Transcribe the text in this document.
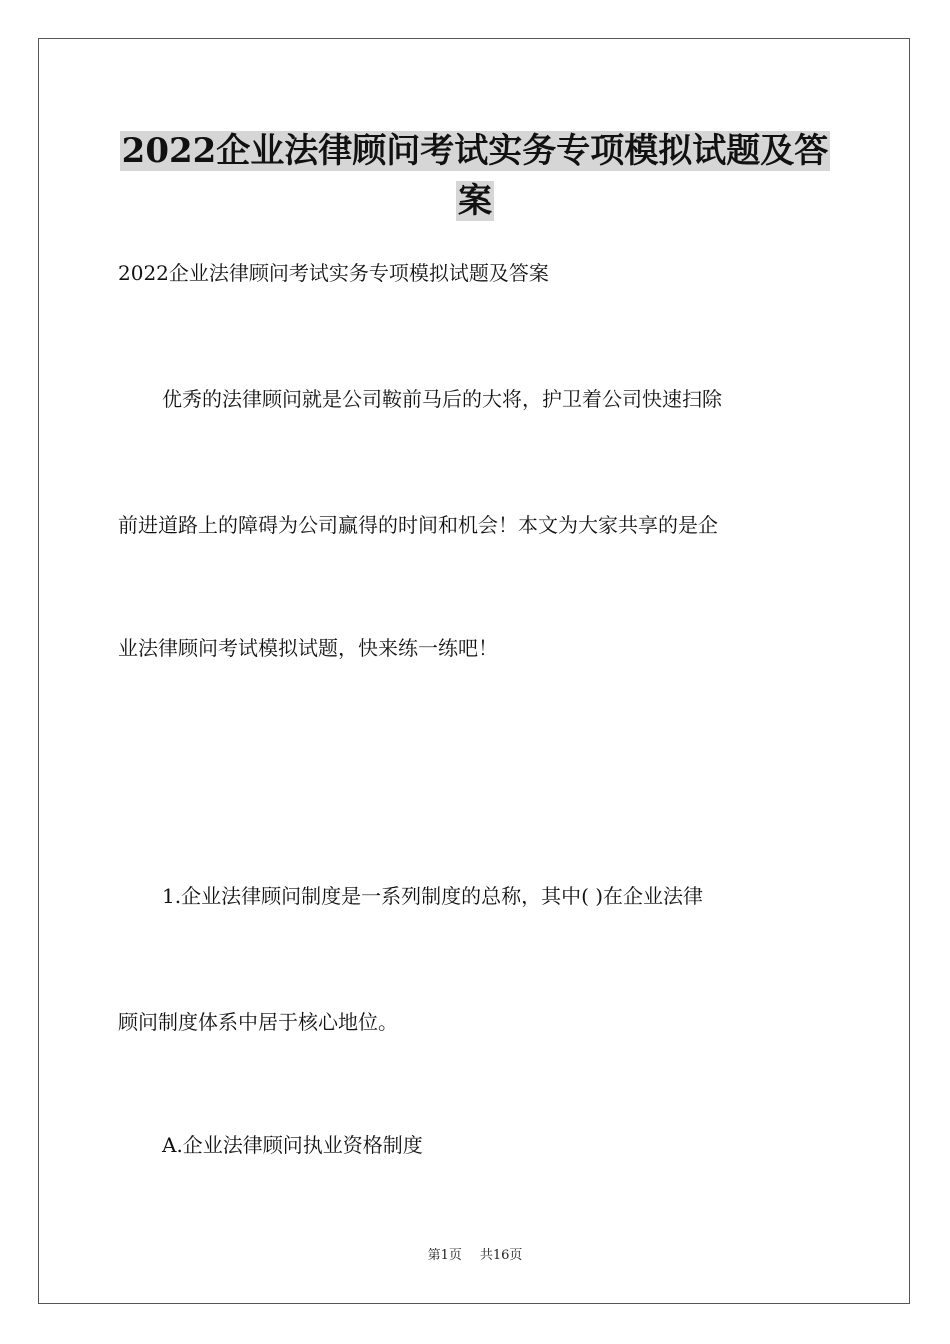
2022企业法律顾问考试实务专项模拟试题及答
案
2022企业法律顾问考试实务专项模拟试题及答案
优秀的法律顾问就是公司鞍前马后的大将，护卫着公司快速扫除
前进道路上的障碍为公司赢得的时间和机会！本文为大家共享的是企
业法律顾问考试模拟试题，快来练一练吧！
1.企业法律顾问制度是一系列制度的总称，其中( )在企业法律
顾问制度体系中居于核心地位。
A.企业法律顾问执业资格制度
第1页 共16页
